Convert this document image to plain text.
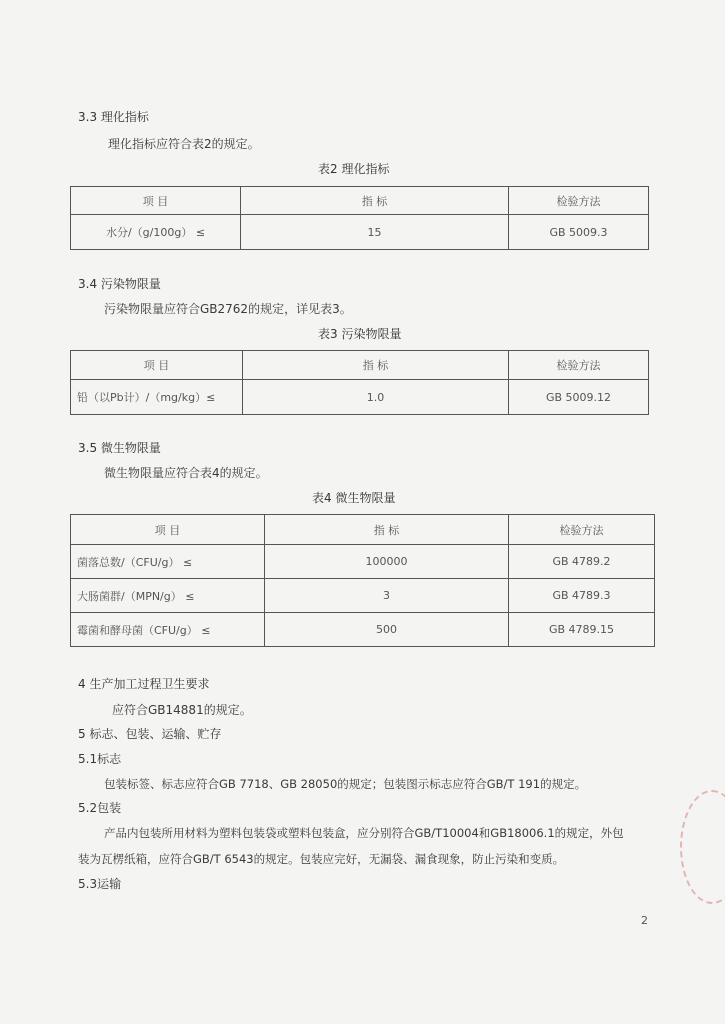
3.3 理化指标
理化指标应符合表2的规定。
表2 理化指标
项 目	指 标	检验方法
水分/（g/100g） ≤	15	GB 5009.3
3.4 污染物限量
污染物限量应符合GB2762的规定，详见表3。
表3 污染物限量
项 目	指 标	检验方法
铅（以Pb计）/（mg/kg）≤	1.0	GB 5009.12
3.5 微生物限量
微生物限量应符合表4的规定。
表4 微生物限量
项 目	指 标	检验方法
菌落总数/（CFU/g） ≤	100000	GB 4789.2
大肠菌群/（MPN/g） ≤	3	GB 4789.3
霉菌和酵母菌（CFU/g） ≤	500	GB 4789.15
4 生产加工过程卫生要求
应符合GB14881的规定。
5 标志、包装、运输、贮存
5.1标志
包装标签、标志应符合GB 7718、GB 28050的规定；包装图示标志应符合GB/T 191的规定。
5.2包装
产品内包装所用材料为塑料包装袋或塑料包装盒，应分别符合GB/T10004和GB18006.1的规定，外包
装为瓦楞纸箱，应符合GB/T 6543的规定。包装应完好，无漏袋、漏食现象，防止污染和变质。
5.3运输
2
